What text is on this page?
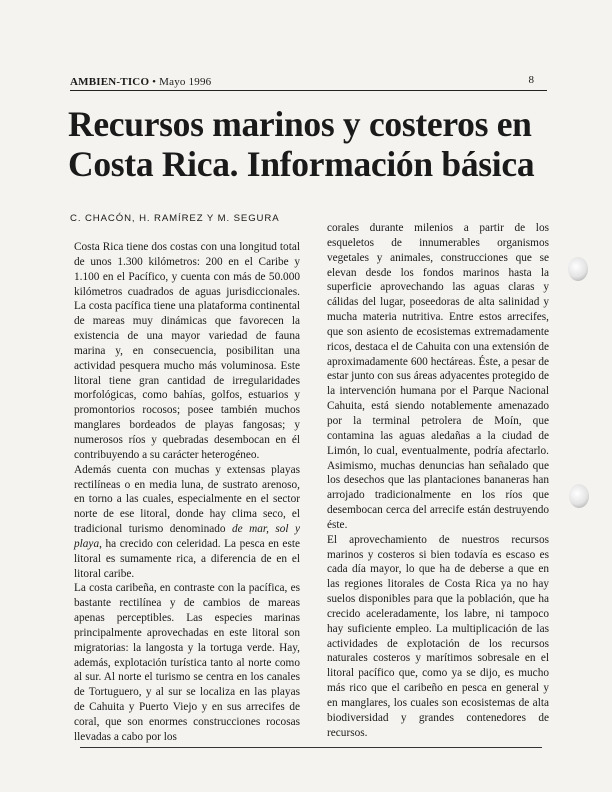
AMBIEN-TICO • Mayo 1996	8
Recursos marinos y costeros en Costa Rica. Información básica
C. CHACÓN, H. RAMÍREZ Y M. SEGURA

Costa Rica tiene dos costas con una longitud total de unos 1.300 kilómetros: 200 en el Caribe y 1.100 en el Pacífico, y cuenta con más de 50.000 kilómetros cuadrados de aguas jurisdiccionales. La costa pacífica tiene una plataforma continental de mareas muy dinámicas que favorecen la existencia de una mayor variedad de fauna marina y, en consecuencia, posibilitan una actividad pesquera mucho más voluminosa. Este litoral tiene gran cantidad de irregularidades morfológicas, como bahías, golfos, estuarios y promontorios rocosos; posee también muchos manglares bordeados de playas fangosas; y numerosos ríos y quebradas desembocan en él contribuyendo a su carácter heterogéneo.

Además cuenta con muchas y extensas playas rectilíneas o en media luna, de sustrato arenoso, en torno a las cuales, especialmente en el sector norte de ese litoral, donde hay clima seco, el tradicional turismo denominado de mar, sol y playa, ha crecido con celeridad. La pesca en este litoral es sumamente rica, a diferencia de en el litoral caribe.

La costa caribeña, en contraste con la pacífica, es bastante rectilínea y de cambios de mareas apenas perceptibles. Las especies marinas principalmente aprovechadas en este litoral son migratorias: la langosta y la tortuga verde. Hay, además, explotación turística tanto al norte como al sur. Al norte el turismo se centra en los canales de Tortuguero, y al sur se localiza en las playas de Cahuita y Puerto Viejo y en sus arrecifes de coral, que son enormes construcciones rocosas llevadas a cabo por los

corales durante milenios a partir de los esqueletos de innumerables organismos vegetales y animales, construcciones que se elevan desde los fondos marinos hasta la superficie aprovechando las aguas claras y cálidas del lugar, poseedoras de alta salinidad y mucha materia nutritiva. Entre estos arrecifes, que son asiento de ecosistemas extremadamente ricos, destaca el de Cahuita con una extensión de aproximadamente 600 hectáreas. Éste, a pesar de estar junto con sus áreas adyacentes protegido de la intervención humana por el Parque Nacional Cahuita, está siendo notablemente amenazado por la terminal petrolera de Moín, que contamina las aguas aledañas a la ciudad de Limón, lo cual, eventualmente, podría afectarlo. Asimismo, muchas denuncias han señalado que los desechos que las plantaciones bananeras han arrojado tradicionalmente en los ríos que desembocan cerca del arrecife están destruyendo éste.

El aprovechamiento de nuestros recursos marinos y costeros si bien todavía es escaso es cada día mayor, lo que ha de deberse a que en las regiones litorales de Costa Rica ya no hay suelos disponibles para que la población, que ha crecido aceleradamente, los labre, ni tampoco hay suficiente empleo. La multiplicación de las actividades de explotación de los recursos naturales costeros y marítimos sobresale en el litoral pacífico que, como ya se dijo, es mucho más rico que el caribeño en pesca en general y en manglares, los cuales son ecosistemas de alta biodiversidad y grandes contenedores de recursos.
